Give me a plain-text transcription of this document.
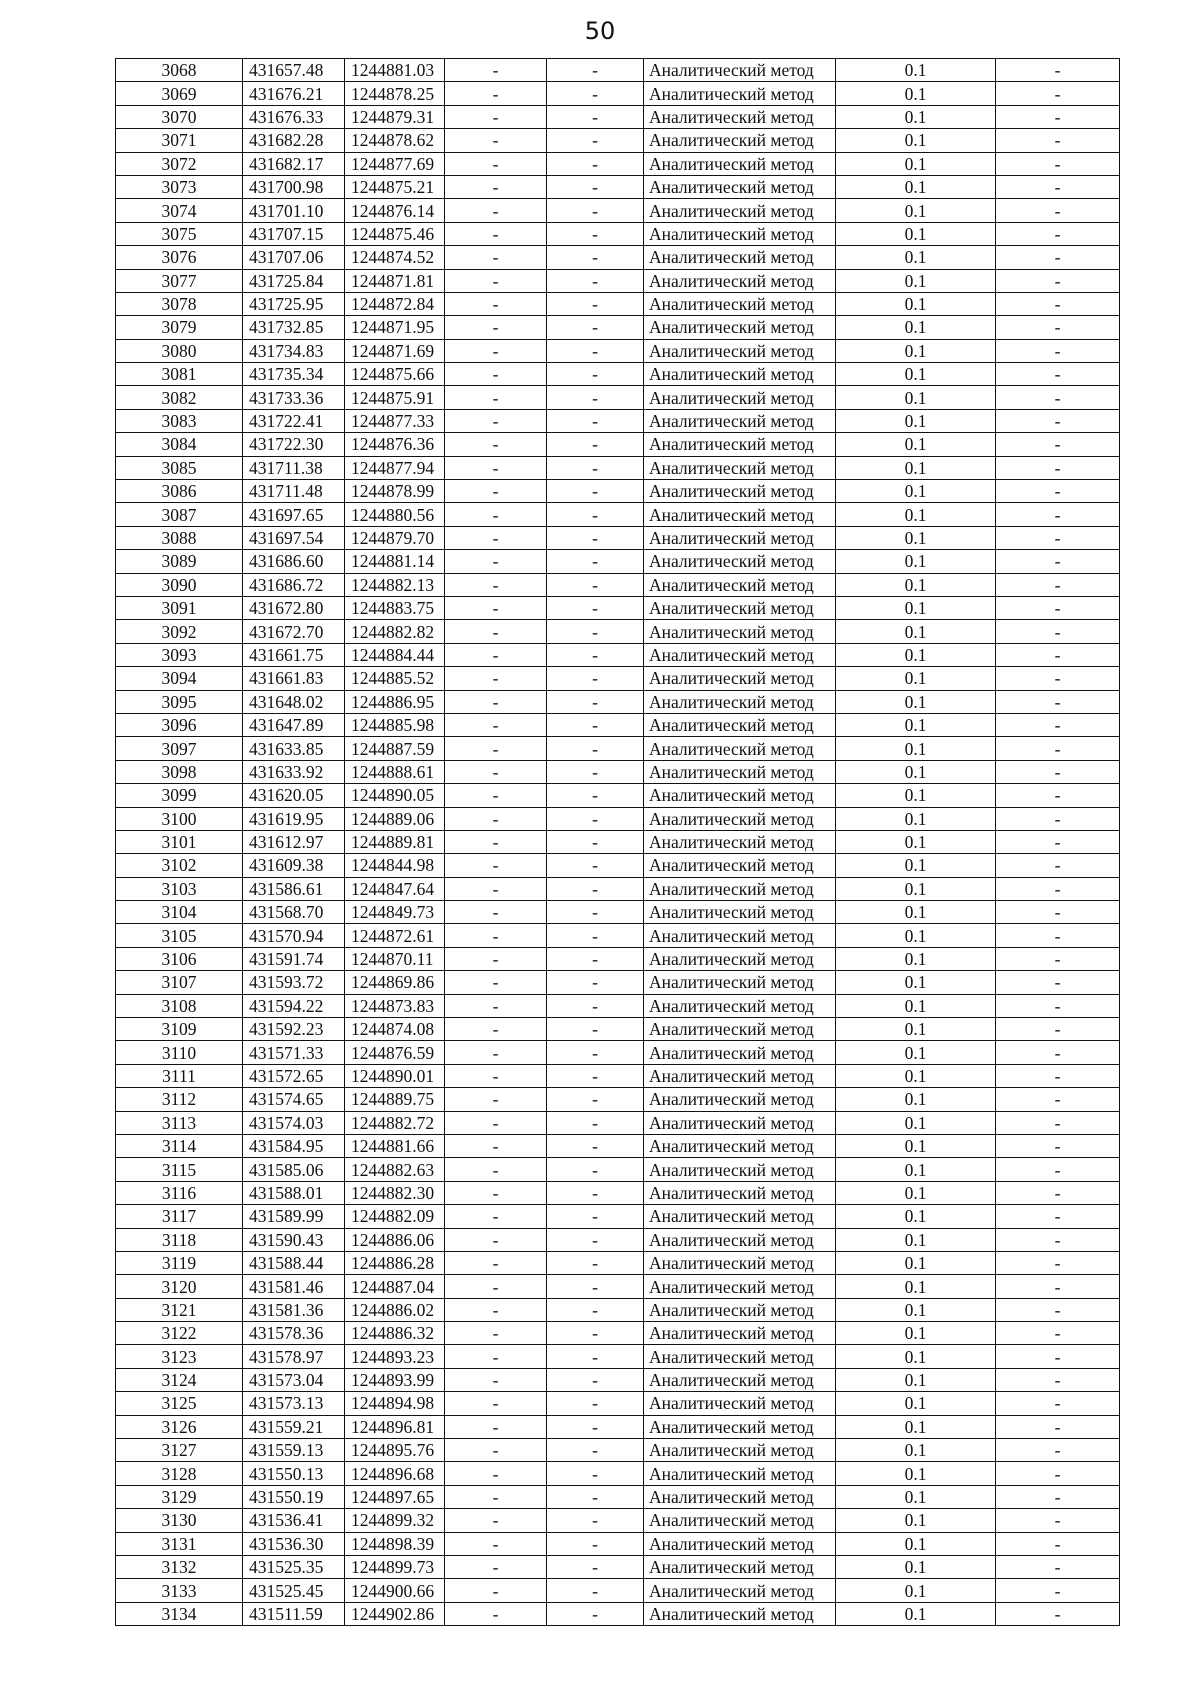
50
3068	431657.48	1244881.03	-	-	Аналитический метод	0.1	-
3069	431676.21	1244878.25	-	-	Аналитический метод	0.1	-
3070	431676.33	1244879.31	-	-	Аналитический метод	0.1	-
3071	431682.28	1244878.62	-	-	Аналитический метод	0.1	-
3072	431682.17	1244877.69	-	-	Аналитический метод	0.1	-
3073	431700.98	1244875.21	-	-	Аналитический метод	0.1	-
3074	431701.10	1244876.14	-	-	Аналитический метод	0.1	-
3075	431707.15	1244875.46	-	-	Аналитический метод	0.1	-
3076	431707.06	1244874.52	-	-	Аналитический метод	0.1	-
3077	431725.84	1244871.81	-	-	Аналитический метод	0.1	-
3078	431725.95	1244872.84	-	-	Аналитический метод	0.1	-
3079	431732.85	1244871.95	-	-	Аналитический метод	0.1	-
3080	431734.83	1244871.69	-	-	Аналитический метод	0.1	-
3081	431735.34	1244875.66	-	-	Аналитический метод	0.1	-
3082	431733.36	1244875.91	-	-	Аналитический метод	0.1	-
3083	431722.41	1244877.33	-	-	Аналитический метод	0.1	-
3084	431722.30	1244876.36	-	-	Аналитический метод	0.1	-
3085	431711.38	1244877.94	-	-	Аналитический метод	0.1	-
3086	431711.48	1244878.99	-	-	Аналитический метод	0.1	-
3087	431697.65	1244880.56	-	-	Аналитический метод	0.1	-
3088	431697.54	1244879.70	-	-	Аналитический метод	0.1	-
3089	431686.60	1244881.14	-	-	Аналитический метод	0.1	-
3090	431686.72	1244882.13	-	-	Аналитический метод	0.1	-
3091	431672.80	1244883.75	-	-	Аналитический метод	0.1	-
3092	431672.70	1244882.82	-	-	Аналитический метод	0.1	-
3093	431661.75	1244884.44	-	-	Аналитический метод	0.1	-
3094	431661.83	1244885.52	-	-	Аналитический метод	0.1	-
3095	431648.02	1244886.95	-	-	Аналитический метод	0.1	-
3096	431647.89	1244885.98	-	-	Аналитический метод	0.1	-
3097	431633.85	1244887.59	-	-	Аналитический метод	0.1	-
3098	431633.92	1244888.61	-	-	Аналитический метод	0.1	-
3099	431620.05	1244890.05	-	-	Аналитический метод	0.1	-
3100	431619.95	1244889.06	-	-	Аналитический метод	0.1	-
3101	431612.97	1244889.81	-	-	Аналитический метод	0.1	-
3102	431609.38	1244844.98	-	-	Аналитический метод	0.1	-
3103	431586.61	1244847.64	-	-	Аналитический метод	0.1	-
3104	431568.70	1244849.73	-	-	Аналитический метод	0.1	-
3105	431570.94	1244872.61	-	-	Аналитический метод	0.1	-
3106	431591.74	1244870.11	-	-	Аналитический метод	0.1	-
3107	431593.72	1244869.86	-	-	Аналитический метод	0.1	-
3108	431594.22	1244873.83	-	-	Аналитический метод	0.1	-
3109	431592.23	1244874.08	-	-	Аналитический метод	0.1	-
3110	431571.33	1244876.59	-	-	Аналитический метод	0.1	-
3111	431572.65	1244890.01	-	-	Аналитический метод	0.1	-
3112	431574.65	1244889.75	-	-	Аналитический метод	0.1	-
3113	431574.03	1244882.72	-	-	Аналитический метод	0.1	-
3114	431584.95	1244881.66	-	-	Аналитический метод	0.1	-
3115	431585.06	1244882.63	-	-	Аналитический метод	0.1	-
3116	431588.01	1244882.30	-	-	Аналитический метод	0.1	-
3117	431589.99	1244882.09	-	-	Аналитический метод	0.1	-
3118	431590.43	1244886.06	-	-	Аналитический метод	0.1	-
3119	431588.44	1244886.28	-	-	Аналитический метод	0.1	-
3120	431581.46	1244887.04	-	-	Аналитический метод	0.1	-
3121	431581.36	1244886.02	-	-	Аналитический метод	0.1	-
3122	431578.36	1244886.32	-	-	Аналитический метод	0.1	-
3123	431578.97	1244893.23	-	-	Аналитический метод	0.1	-
3124	431573.04	1244893.99	-	-	Аналитический метод	0.1	-
3125	431573.13	1244894.98	-	-	Аналитический метод	0.1	-
3126	431559.21	1244896.81	-	-	Аналитический метод	0.1	-
3127	431559.13	1244895.76	-	-	Аналитический метод	0.1	-
3128	431550.13	1244896.68	-	-	Аналитический метод	0.1	-
3129	431550.19	1244897.65	-	-	Аналитический метод	0.1	-
3130	431536.41	1244899.32	-	-	Аналитический метод	0.1	-
3131	431536.30	1244898.39	-	-	Аналитический метод	0.1	-
3132	431525.35	1244899.73	-	-	Аналитический метод	0.1	-
3133	431525.45	1244900.66	-	-	Аналитический метод	0.1	-
3134	431511.59	1244902.86	-	-	Аналитический метод	0.1	-
